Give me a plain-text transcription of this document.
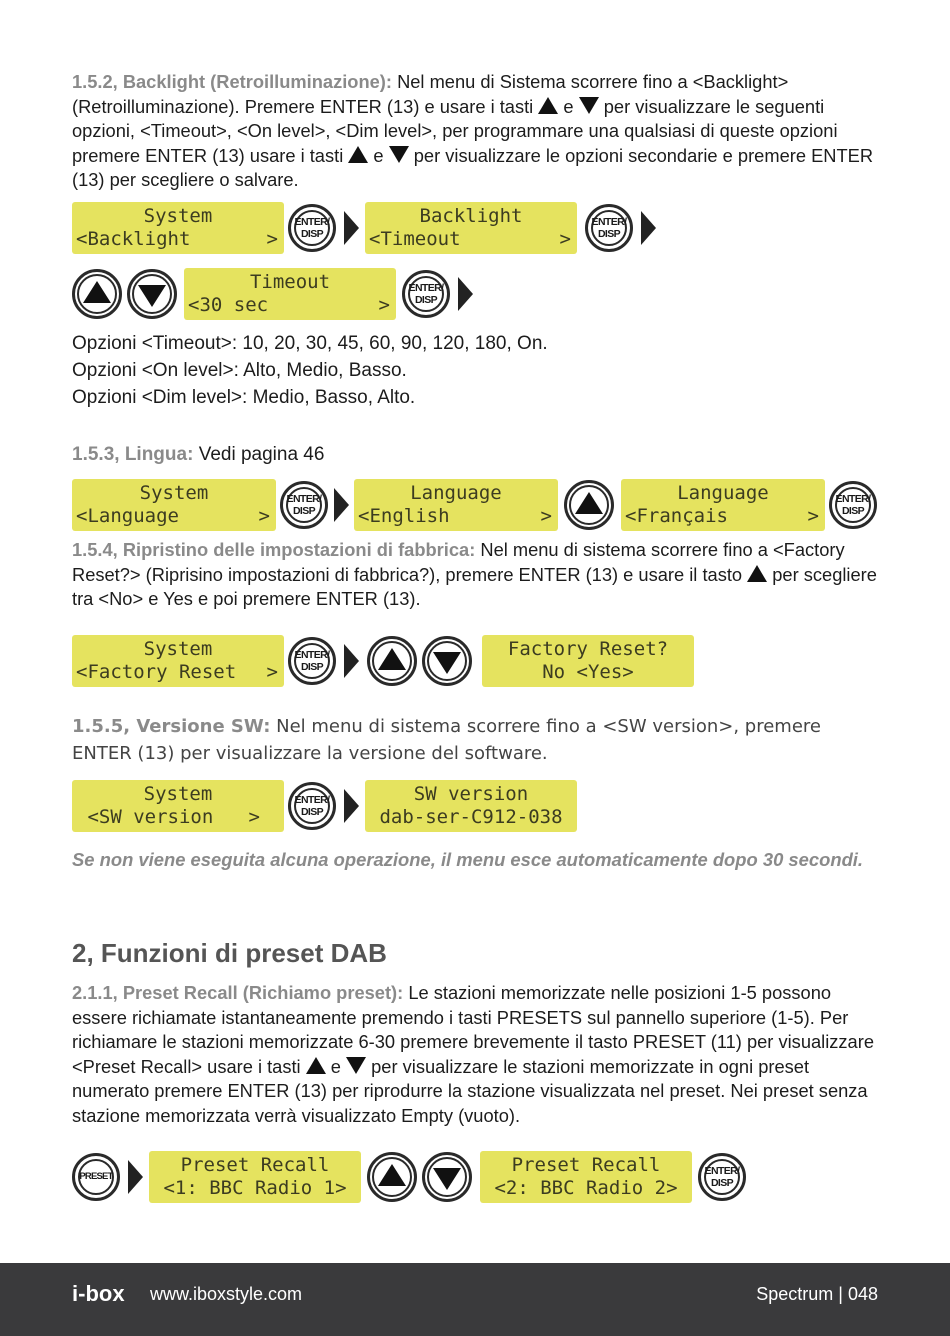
1.5.2, Backlight (Retroilluminazione): Nel menu di Sistema scorrere fino a <Backlight> (Retroilluminazione). Premere ENTER (13) e usare i tasti  e  per visualizzare le seguenti opzioni, <Timeout>, <On level>, <Dim level>, per programmare una qualsiasi di queste opzioni premere ENTER (13) usare i tasti  e  per visualizzare le opzioni secondarie e premere ENTER (13) per scegliere o salvare.

System
<Backlight	>
ENTER/
DISP
Backlight
<Timeout	>
ENTER/
DISP
Timeout
<30 sec	>
ENTER/
DISP

Opzioni <Timeout>: 10, 20, 30, 45, 60, 90, 120, 180, On.

Opzioni <On level>: Alto, Medio, Basso.

Opzioni <Dim level>: Medio, Basso, Alto.

1.5.3, Lingua: Vedi pagina 46

System
<Language	>
ENTER/
DISP
Language
<English	>
Language
<Français	>
ENTER/
DISP

1.5.4, Ripristino delle impostazioni di fabbrica: Nel menu di sistema scorrere fino a <Factory Reset?> (Riprisino impostazioni di fabbrica?), premere ENTER (13) e usare il tasto  per scegliere tra <No> e Yes e poi premere ENTER (13).

System
<Factory Reset >
ENTER/
DISP
Factory Reset?
No <Yes>

1.5.5, Versione SW: Nel menu di sistema scorrere fino a <SW version>, premere ENTER (13) per visualizzare la versione del software.

System
<SW version >
ENTER/
DISP
SW version
dab-ser-C912-038

Se non viene eseguita alcuna operazione, il menu esce automaticamente dopo 30 secondi.

2, Funzioni di preset DAB

2.1.1, Preset Recall (Richiamo preset): Le stazioni memorizzate nelle posizioni 1-5 possono essere richiamate istantaneamente premendo i tasti PRESETS sul pannello superiore (1-5). Per richiamare le stazioni memorizzate 6-30 premere brevemente il tasto PRESET (11) per visualizzare <Preset Recall> usare i tasti  e  per visualizzare le stazioni memorizzate in ogni preset numerato premere ENTER (13) per riprodurre la stazione visualizzata nel preset. Nei preset senza stazione memorizzata verrà visualizzato Empty (vuoto).

PRESET
Preset Recall
<1: BBC Radio 1>
Preset Recall
<2: BBC Radio 2>
ENTER/
DISP
i-box www.iboxstyle.com	Spectrum | 048
